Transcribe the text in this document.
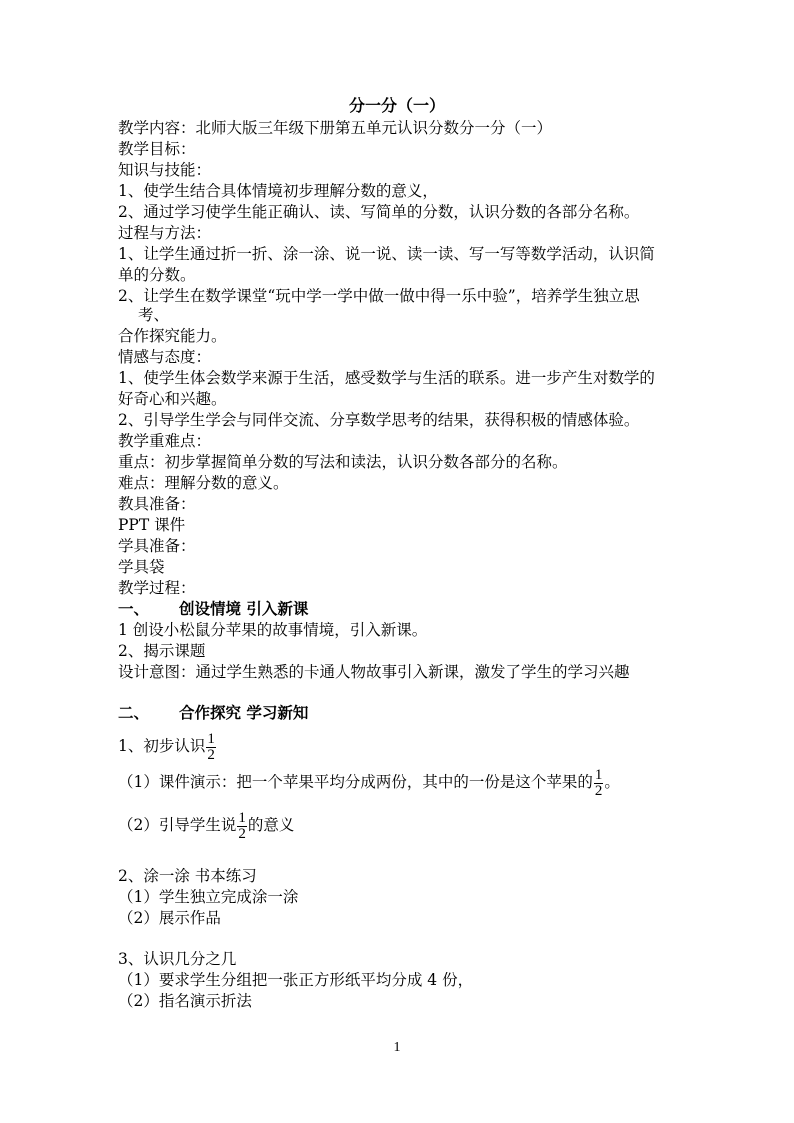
分一分（一）
教学内容：北师大版三年级下册第五单元认识分数分一分（一）
教学目标：
知识与技能：
1、使学生结合具体情境初步理解分数的意义，
2、通过学习使学生能正确认、读、写简单的分数，认识分数的各部分名称。
过程与方法：
1、让学生通过折一折、涂一涂、说一说、读一读、写一写等数学活动，认识简
单的分数。
2、让学生在数学课堂“玩中学一学中做一做中得一乐中验”，培养学生独立思
考、
合作探究能力。
情感与态度：
1、使学生体会数学来源于生活，感受数学与生活的联系。进一步产生对数学的
好奇心和兴趣。
2、引导学生学会与同伴交流、分享数学思考的结果，获得积极的情感体验。
教学重难点：
重点：初步掌握简单分数的写法和读法，认识分数各部分的名称。
难点：理解分数的意义。
教具准备：
PPT 课件
学具准备：
学具袋
教学过程：
一、 创设情境 引入新课
1 创设小松鼠分苹果的故事情境，引入新课。
2、揭示课题
设计意图：通过学生熟悉的卡通人物故事引入新课，激发了学生的学习兴趣
二、 合作探究 学习新知
1、初步认识 $\frac{1}{2}$
（1）课件演示：把一个苹果平均分成两份，其中的一份是这个苹果的 $\frac{1}{2}$ 。
（2）引导学生说 $\frac{1}{2}$ 的意义
2、涂一涂 书本练习
（1）学生独立完成涂一涂
（2）展示作品
3、认识几分之几
（1）要求学生分组把一张正方形纸平均分成 4 份，
（2）指名演示折法
1
